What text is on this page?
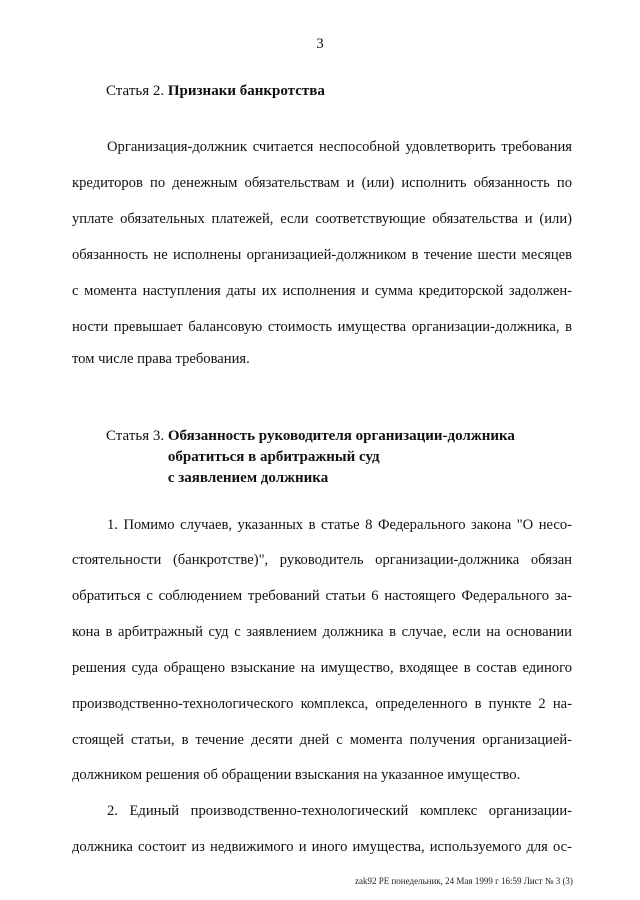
3
Статья 2.
Признаки банкротства
Организация-должник считается неспособной удовлетворить требования
кредиторов по денежным обязательствам и (или) исполнить обязанность по
уплате обязательных платежей, если соответствующие обязательства и (или)
обязанность не исполнены организацией-должником в течение шести месяцев
с момента наступления даты их исполнения и сумма кредиторской задолжен-
ности превышает балансовую стоимость имущества организации-должника, в
том числе права требования.
Статья 3.
Обязанность руководителя организации-должника
обратиться в арбитражный суд
с заявлением должника
1. Помимо случаев, указанных в статье 8 Федерального закона "О несо-
стоятельности (банкротстве)", руководитель организации-должника обязан
обратиться с соблюдением требований статьи 6 настоящего Федерального за-
кона в арбитражный суд с заявлением должника в случае, если на основании
решения суда обращено взыскание на имущество, входящее в состав единого
производственно-технологического комплекса, определенного в пункте 2 на-
стоящей статьи, в течение десяти дней с момента получения организацией-
должником решения об обращении взыскания на указанное имущество.
2. Единый производственно-технологический комплекс организации-
должника состоит из недвижимого и иного имущества, используемого для ос-
zak92 РЕ понедельник, 24 Мая 1999 г 16:59 Лист № 3 (3)
